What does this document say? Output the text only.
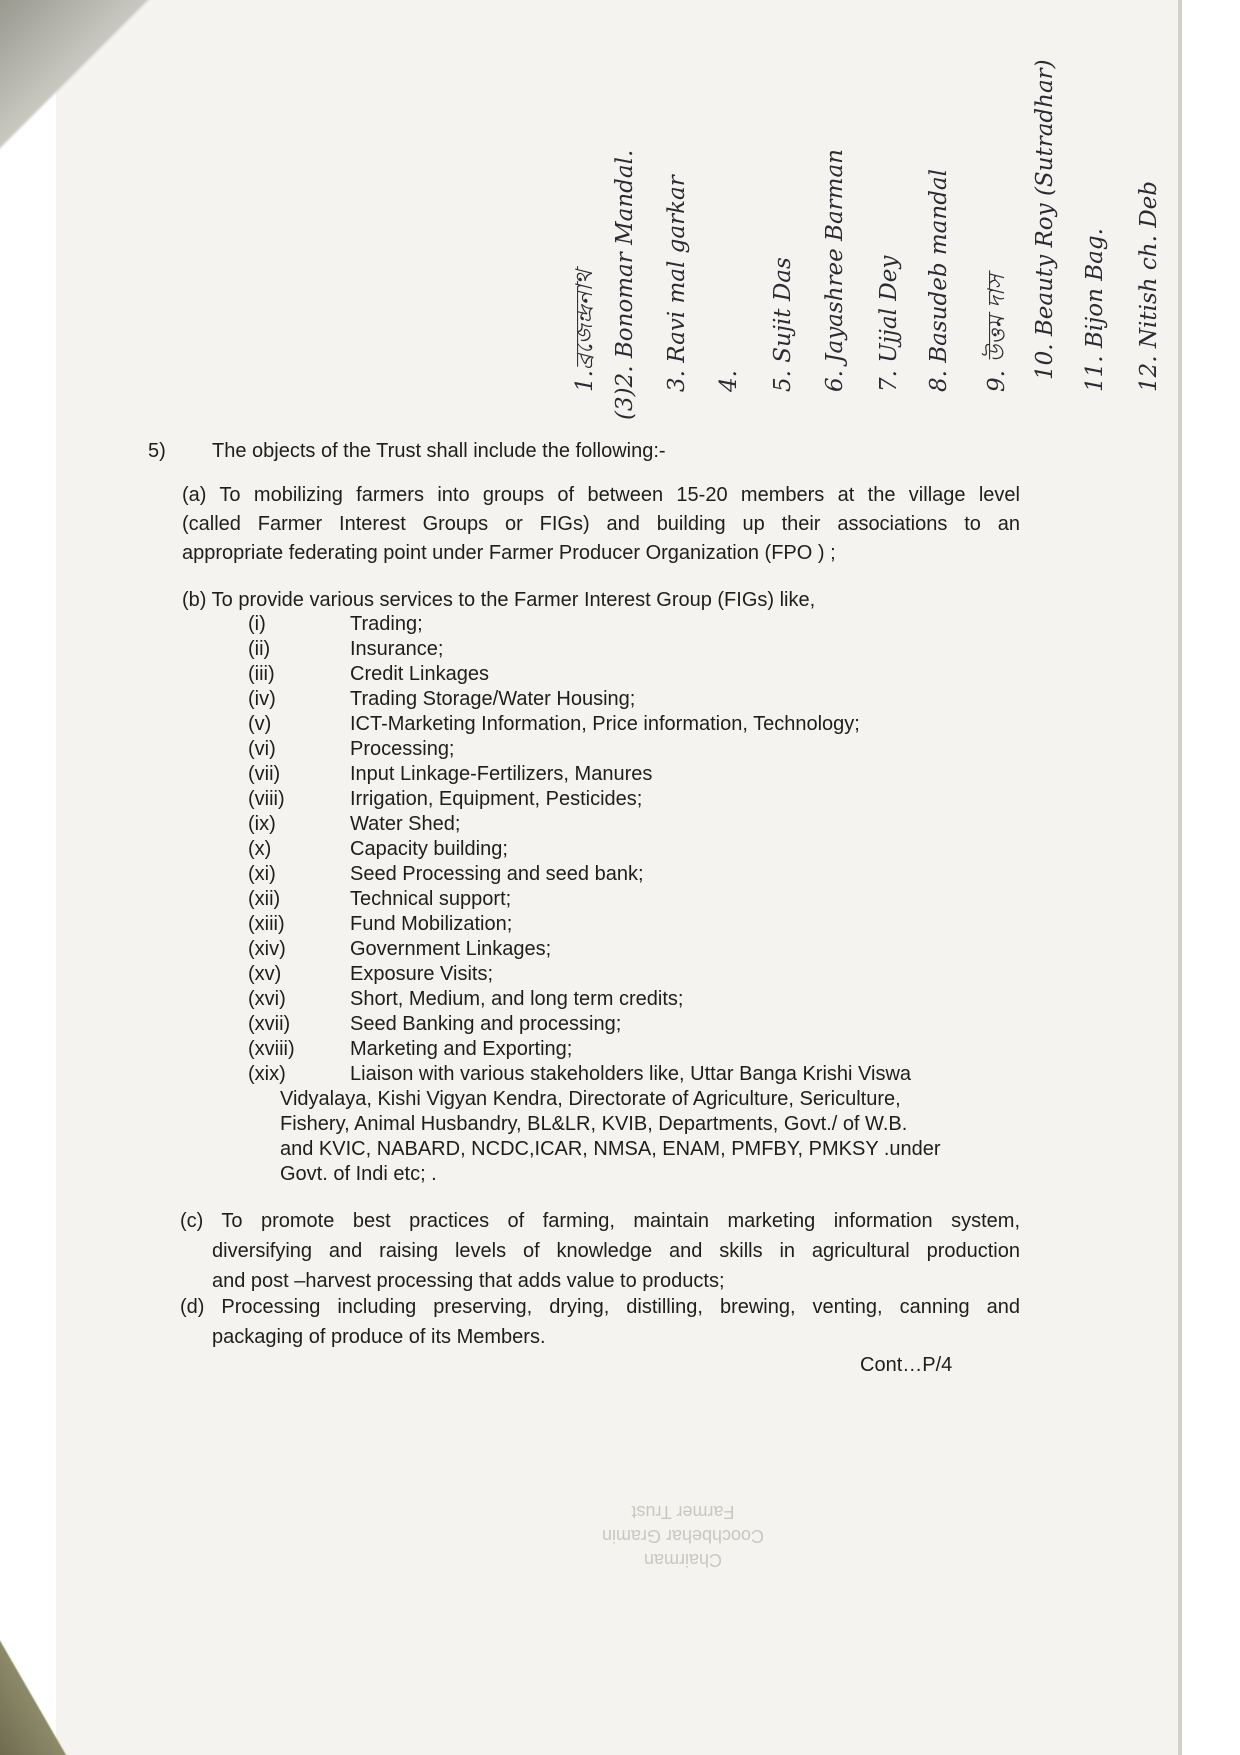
1.ব্রজেন্দ্রনাথ (3)2. Bonomar Mandal. 3. Ravi mal garkar 4. 5. Sujit Das 6. Jayashree Barman 7. Ujjal Dey 8. Basudeb mandal 9. উত্তম দাস 10. Beauty Roy (Sutradhar) 11. Bijon Bag. 12. Nitish ch. Deb
5) The objects of the Trust shall include the following:-
(a) To mobilizing farmers into groups of between 15-20 members at the village level
(called Farmer Interest Groups or FIGs) and building up their associations to an
appropriate federating point under Farmer Producer Organization (FPO ) ;
(b) To provide various services to the Farmer Interest Group (FIGs) like,
(i)	Trading;
(ii)	Insurance;
(iii)	Credit Linkages
(iv)	Trading Storage/Water Housing;
(v)	ICT-Marketing Information, Price information, Technology;
(vi)	Processing;
(vii)	Input Linkage-Fertilizers, Manures
(viii)	Irrigation, Equipment, Pesticides;
(ix)	Water Shed;
(x)	Capacity building;
(xi)	Seed Processing and seed bank;
(xii)	Technical support;
(xiii)	Fund Mobilization;
(xiv)	Government Linkages;
(xv)	Exposure Visits;
(xvi)	Short, Medium, and long term credits;
(xvii)	Seed Banking and processing;
(xviii)	Marketing and Exporting;
(xix)	Liaison with various stakeholders like, Uttar Banga Krishi Viswa
Vidyalaya, Kishi Vigyan Kendra, Directorate of Agriculture, Sericulture,
Fishery, Animal Husbandry, BL&LR, KVIB, Departments, Govt./ of W.B.
and KVIC, NABARD, NCDC,ICAR, NMSA, ENAM, PMFBY, PMKSY .under
Govt. of Indi etc; .
(c) To promote best practices of farming, maintain marketing information system,
diversifying and raising levels of knowledge and skills in agricultural production
and post –harvest processing that adds value to products;
(d) Processing including preserving, drying, distilling, brewing, venting, canning and
packaging of produce of its Members.
Cont…P/4
Chairman
Coochbehar Gramin Farmer Trust
